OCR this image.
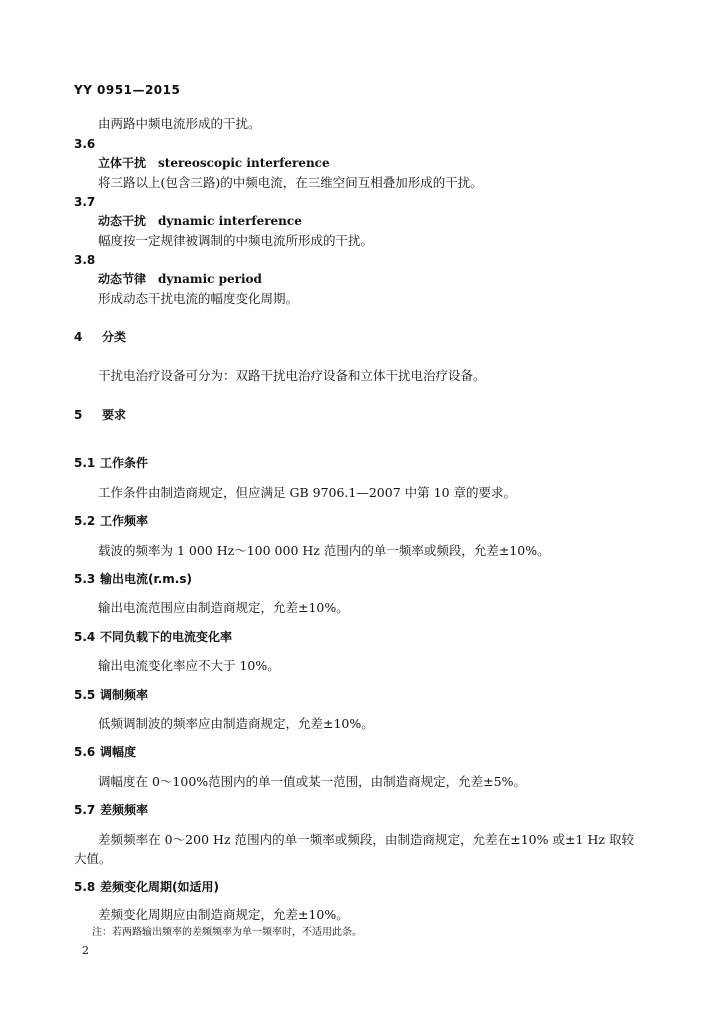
YY 0951—2015
由两路中频电流形成的干扰。
3.6
立体干扰 stereoscopic interference
将三路以上(包含三路)的中频电流，在三维空间互相叠加形成的干扰。
3.7
动态干扰 dynamic interference
幅度按一定规律被调制的中频电流所形成的干扰。
3.8
动态节律 dynamic period
形成动态干扰电流的幅度变化周期。
4 分类
干扰电治疗设备可分为：双路干扰电治疗设备和立体干扰电治疗设备。
5 要求
5.1 工作条件
工作条件由制造商规定，但应满足 GB 9706.1—2007 中第 10 章的要求。
5.2 工作频率
载波的频率为 1 000 Hz～100 000 Hz 范围内的单一频率或频段，允差±10%。
5.3 输出电流(r.m.s)
输出电流范围应由制造商规定，允差±10%。
5.4 不同负载下的电流变化率
输出电流变化率应不大于 10%。
5.5 调制频率
低频调制波的频率应由制造商规定，允差±10%。
5.6 调幅度
调幅度在 0～100%范围内的单一值或某一范围，由制造商规定，允差±5%。
5.7 差频频率
差频频率在 0～200 Hz 范围内的单一频率或频段，由制造商规定，允差在±10% 或±1 Hz 取较
大值。
5.8 差频变化周期(如适用)
差频变化周期应由制造商规定，允差±10%。
注：若两路输出频率的差频频率为单一频率时，不适用此条。
2
